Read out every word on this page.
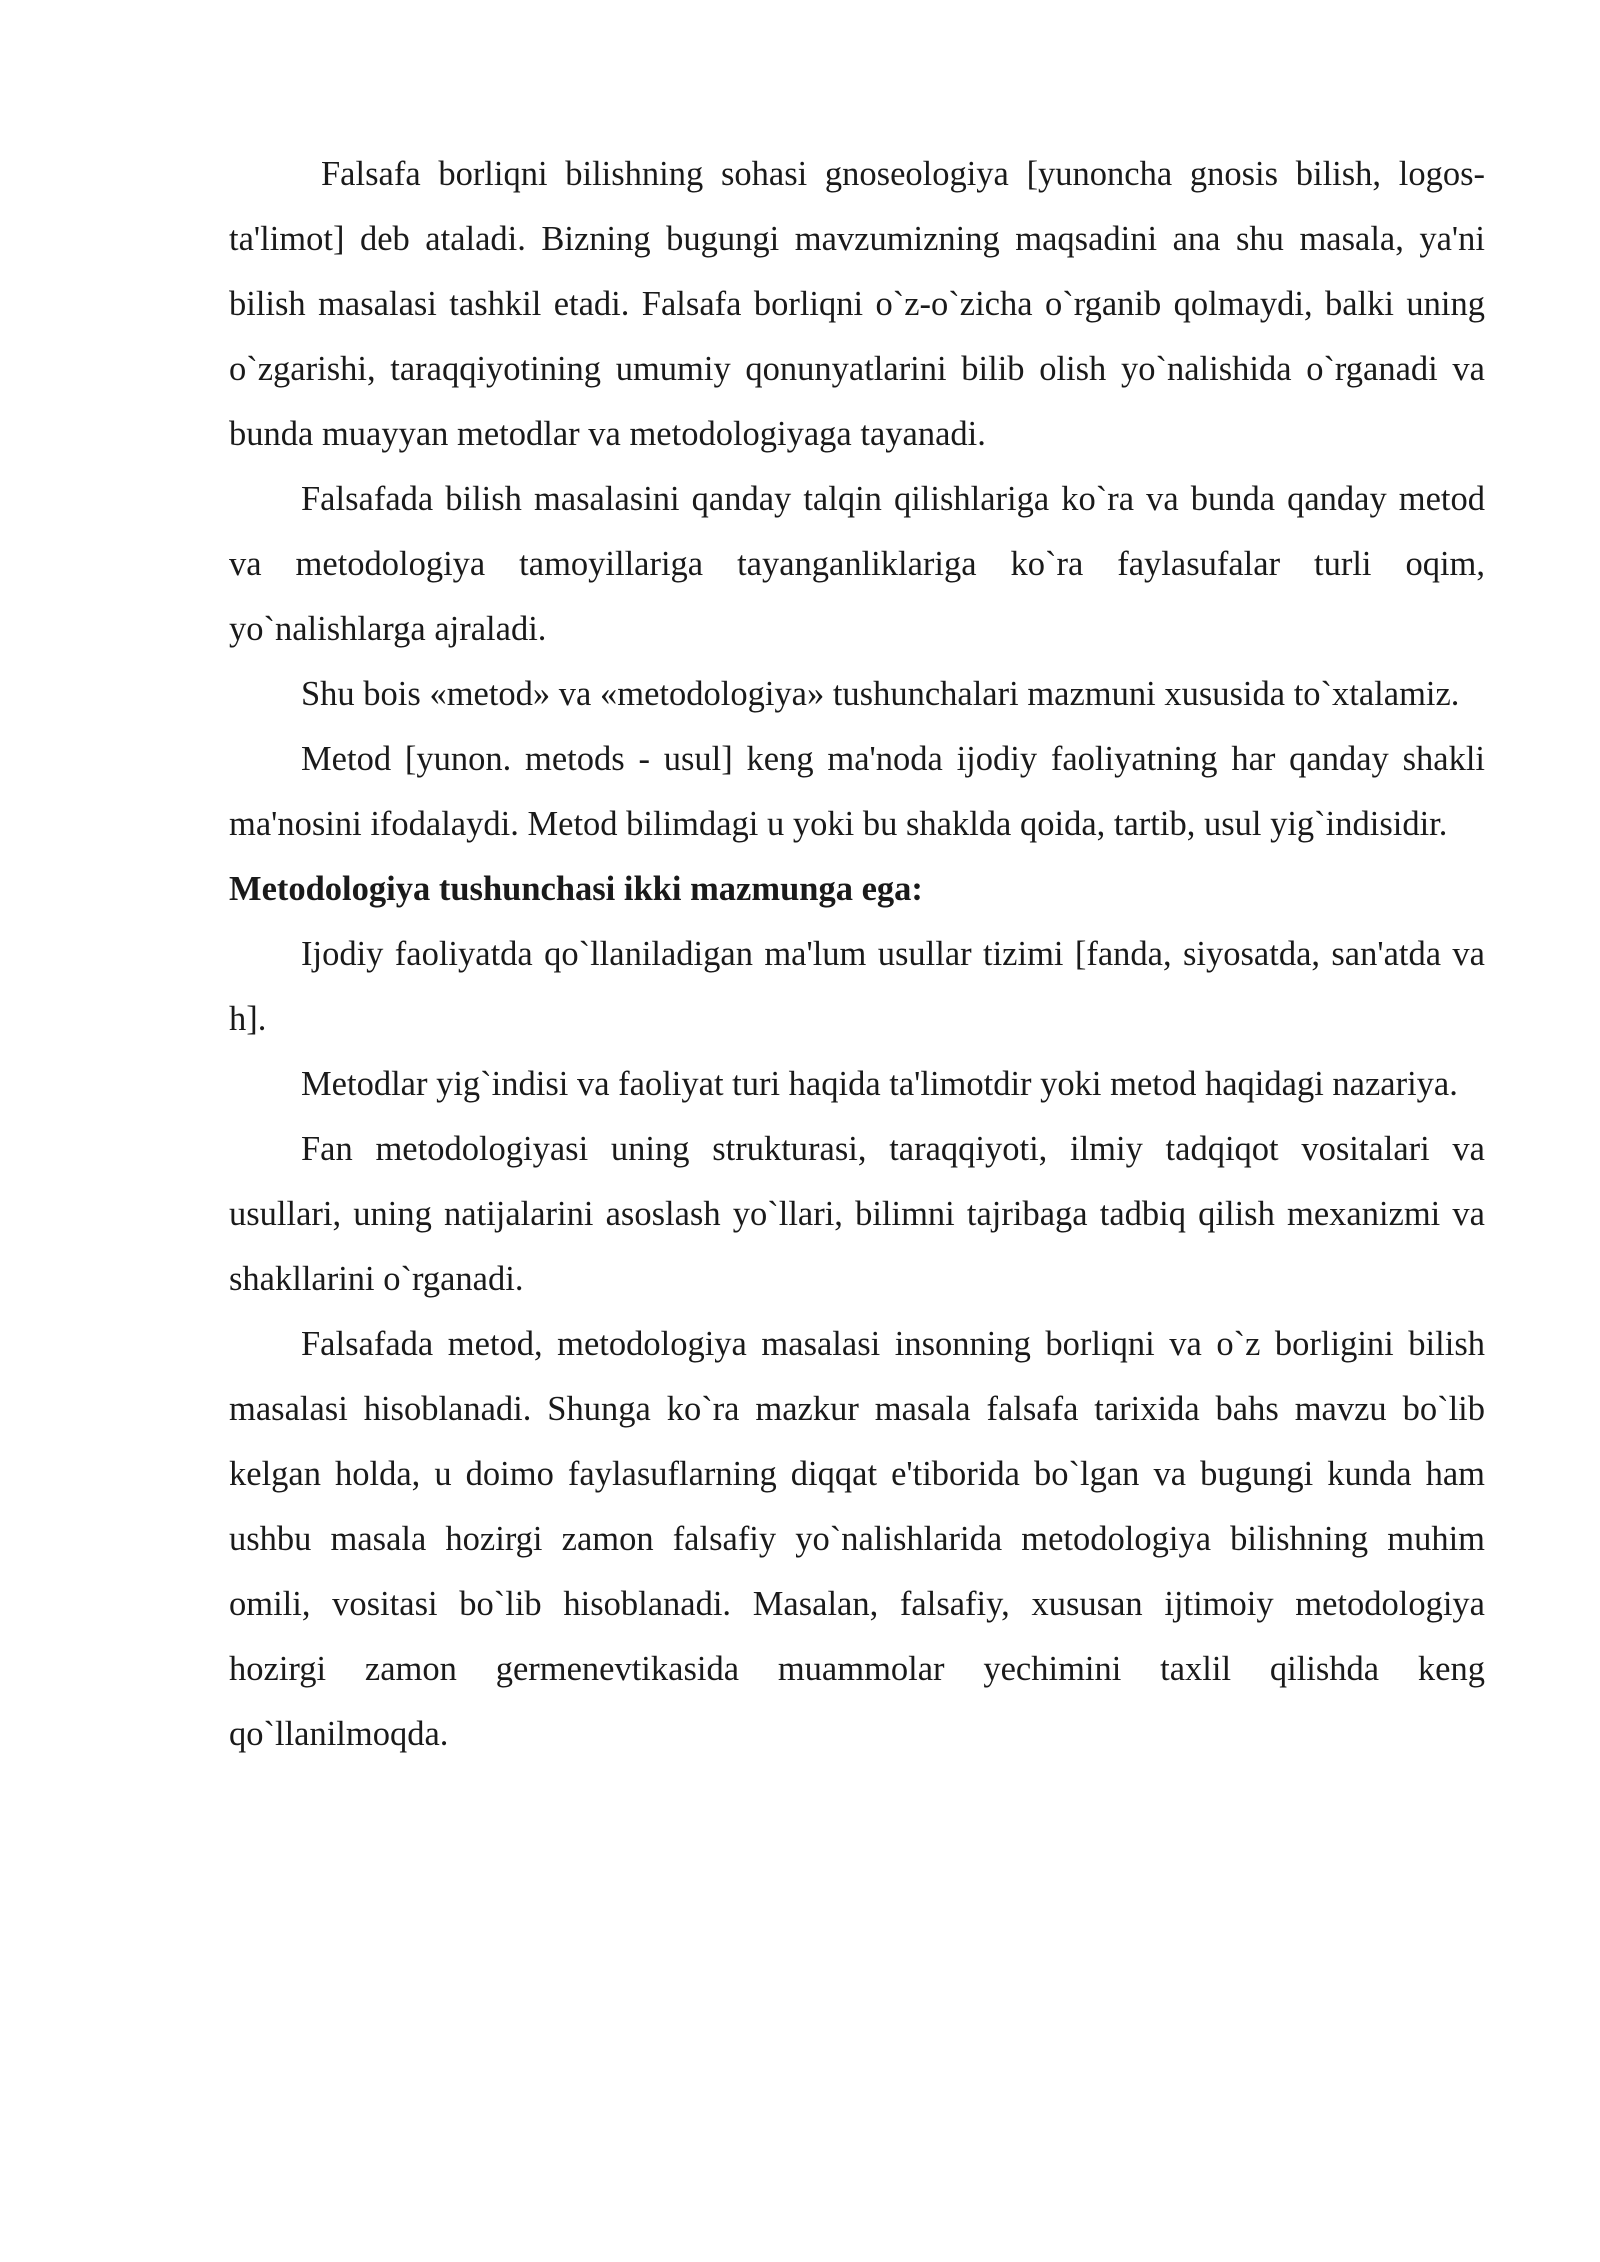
Falsafa borliqni bilishning sohasi gnoseologiya [yunoncha gnosis bilish, logos-ta'limot] deb ataladi. Bizning bugungi mavzumizning maqsadini ana shu masala, ya'ni bilish masalasi tashkil etadi. Falsafa borliqni o`z-o`zicha o`rganib qolmaydi, balki uning o`zgarishi, taraqqiyotining umumiy qonunyatlarini bilib olish yo`nalishida o`rganadi va bunda muayyan metodlar va metodologiyaga tayanadi.

Falsafada bilish masalasini qanday talqin qilishlariga ko`ra va bunda qanday metod va metodologiya tamoyillariga tayanganliklariga ko`ra faylasufalar turli oqim, yo`nalishlarga ajraladi.

Shu bois «metod» va «metodologiya» tushunchalari mazmuni xususida to`xtalamiz.

Metod [yunon. metods - usul] keng ma'noda ijodiy faoliyatning har qanday shakli ma'nosini ifodalaydi. Metod bilimdagi u yoki bu shaklda qoida, tartib, usul yig`indisidir.

Metodologiya tushunchasi ikki mazmunga ega:

Ijodiy faoliyatda qo`llaniladigan ma'lum usullar tizimi [fanda, siyosatda, san'atda va h].

Metodlar yig`indisi va faoliyat turi haqida ta'limotdir yoki metod haqidagi nazariya.

Fan metodologiyasi uning strukturasi, taraqqiyoti, ilmiy tadqiqot vositalari va usullari, uning natijalarini asoslash yo`llari, bilimni tajribaga tadbiq qilish mexanizmi va shakllarini o`rganadi.

Falsafada metod, metodologiya masalasi insonning borliqni va o`z borligini bilish masalasi hisoblanadi. Shunga ko`ra mazkur masala falsafa tarixida bahs mavzu bo`lib kelgan holda, u doimo faylasuflarning diqqat e'tiborida bo`lgan va bugungi kunda ham ushbu masala hozirgi zamon falsafiy yo`nalishlarida metodologiya bilishning muhim omili, vositasi bo`lib hisoblanadi. Masalan, falsafiy, xususan ijtimoiy metodologiya hozirgi zamon germenevtikasida muammolar yechimini taxlil qilishda keng qo`llanilmoqda.
